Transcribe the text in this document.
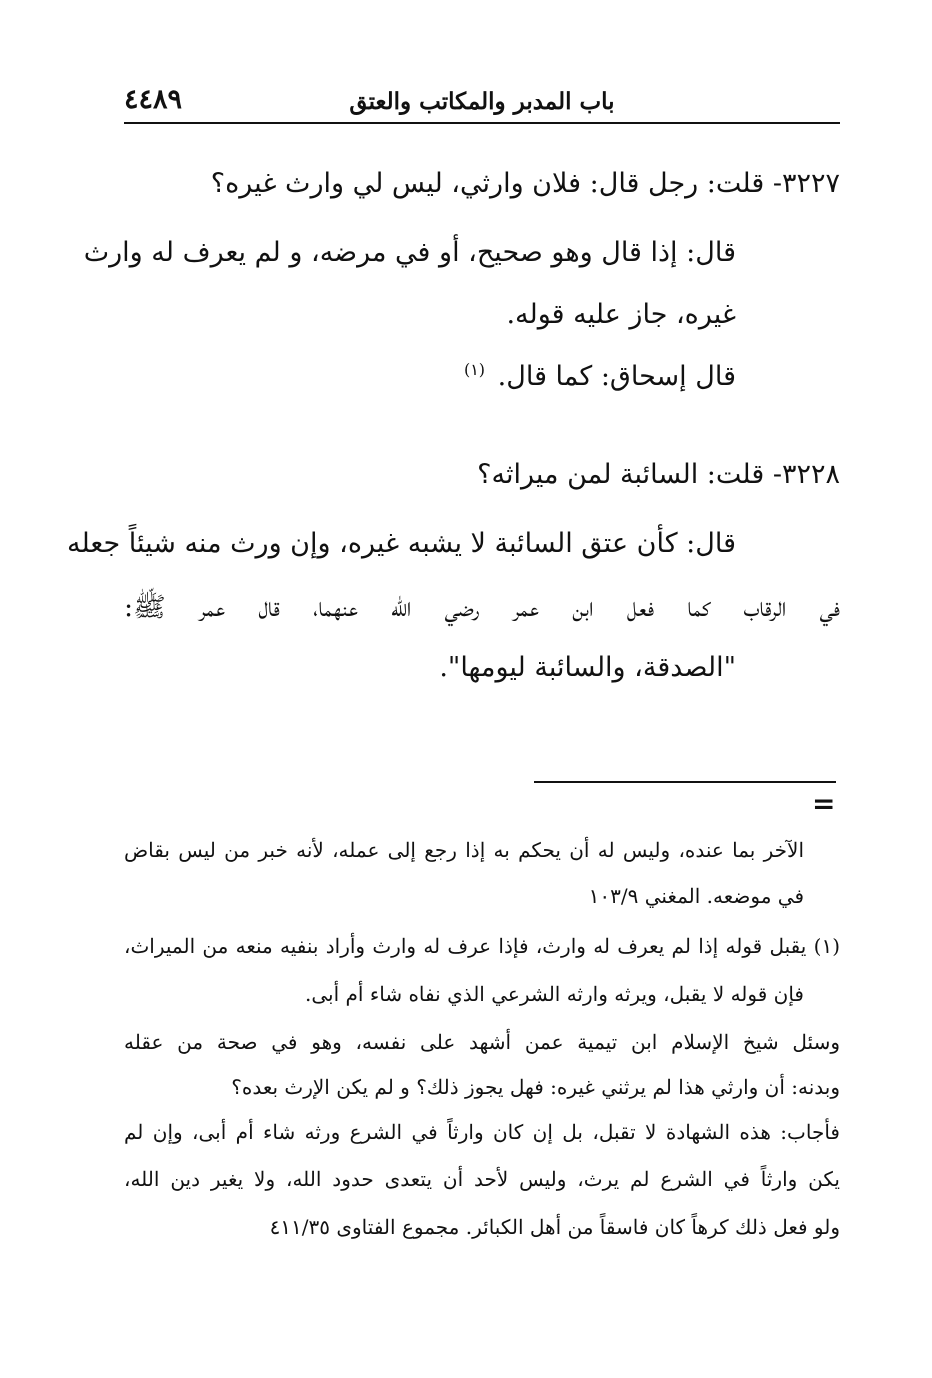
٤٤٨٩	باب المدبر والمكاتب والعتق
٣٢٢٧- قلت: رجل قال: فلان وارثي، ليس لي وارث غيره؟
قال: إذا قال وهو صحيح، أو في مرضه، و لم يعرف له وارث
غيره، جاز عليه قوله.
قال إسحاق: كما قال. $^{(١)}$
٣٢٢٨- قلت: السائبة لمن ميراثه؟
قال: كأن عتق السائبة لا يشبه غيره، وإن ورث منه شيئاً جعله
في الرقاب كما فعل ابن عمر رضي الله عنهما، قال عمر ﷺ:
"الصدقة، والسائبة ليومها".
=
الآخر بما عنده، وليس له أن يحكم به إذا رجع إلى عمله، لأنه خبر من ليس بقاض
في موضعه. المغني ١٠٣/٩
(١) يقبل قوله إذا لم يعرف له وارث، فإذا عرف له وارث وأراد بنفيه منعه من الميراث،
فإن قوله لا يقبل، ويرثه وارثه الشرعي الذي نفاه شاء أم أبى.
وسئل شيخ الإسلام ابن تيمية عمن أشهد على نفسه، وهو في صحة من عقله
وبدنه: أن وارثي هذا لم يرثني غيره: فهل يجوز ذلك؟ و لم يكن الإرث بعده؟
فأجاب: هذه الشهادة لا تقبل، بل إن كان وارثاً في الشرع ورثه شاء أم أبى، وإن لم
يكن وارثاً في الشرع لم يرث، وليس لأحد أن يتعدى حدود الله، ولا يغير دين الله،
ولو فعل ذلك كرهاً كان فاسقاً من أهل الكبائر. مجموع الفتاوى ٤١١/٣٥
